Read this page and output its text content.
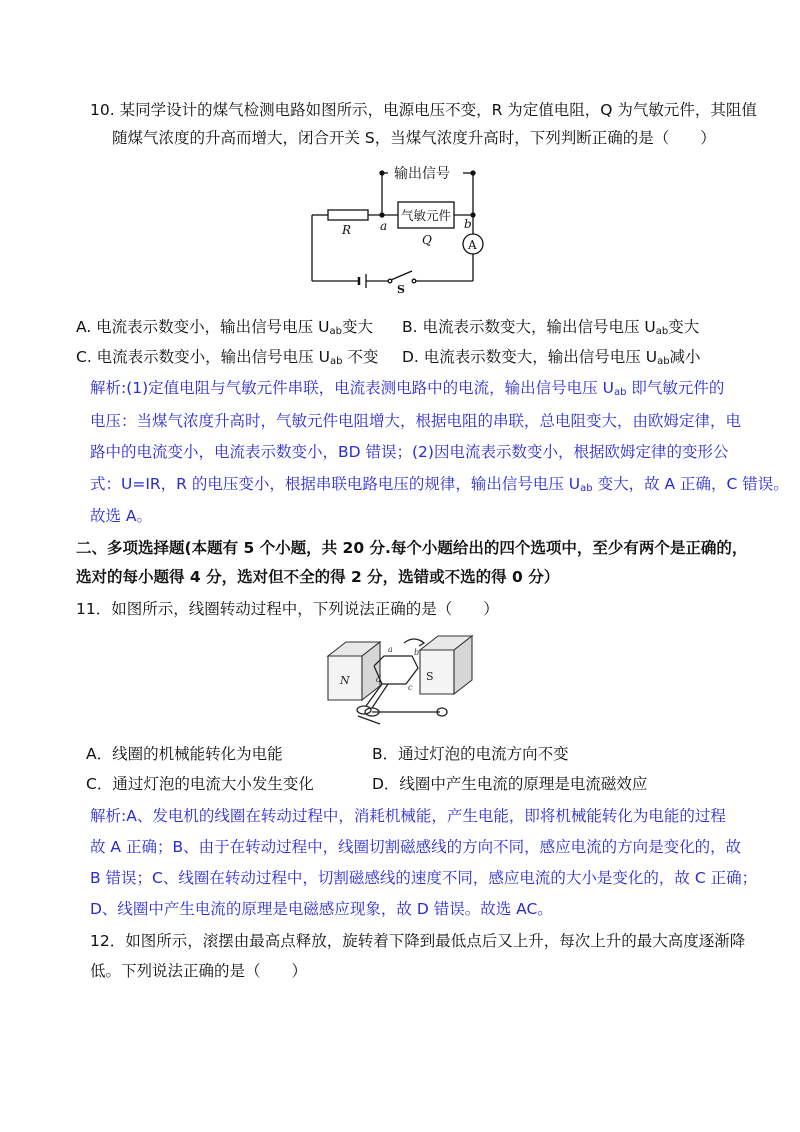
10. 某同学设计的煤气检测电路如图所示，电源电压不变，R 为定值电阻，Q 为气敏元件，其阻值
随煤气浓度的升高而增大，闭合开关 S，当煤气浓度升高时，下列判断正确的是（　　）
输出信号
气敏元件
R a	b
Q	A
S
A. 电流表示数变小，输出信号电压 $U_{ab}$变大 B. 电流表示数变大，输出信号电压 $U_{ab}$变大
C. 电流表示数变小，输出信号电压 $U_{ab}$ 不变 D. 电流表示数变大，输出信号电压 $U_{ab}$减小
解析:(1)定值电阻与气敏元件串联，电流表测电路中的电流，输出信号电压 $U_{ab}$ 即气敏元件的
电压：当煤气浓度升高时，气敏元件电阻增大，根据电阻的串联，总电阻变大，由欧姆定律，电
路中的电流变小，电流表示数变小，BD 错误；(2)因电流表示数变小，根据欧姆定律的变形公
式：U=IR，R 的电压变小，根据串联电路电压的规律，输出信号电压 $U_{ab}$ 变大，故 A 正确，C 错误。
故选 A。
二、多项选择题(本题有 5 个小题，共 20 分.每个小题给出的四个选项中，至少有两个是正确的，
选对的每小题得 4 分，选对但不全的得 2 分，选错或不选的得 0 分）
11．如图所示，线圈转动过程中，下列说法正确的是（　　）
S
N
a	b
c
d
A．线圈的机械能转化为电能	B．通过灯泡的电流方向不变
C．通过灯泡的电流大小发生变化	D．线圈中产生电流的原理是电流磁效应
解析:A、发电机的线圈在转动过程中，消耗机械能，产生电能，即将机械能转化为电能的过程
故 A 正确；B、由于在转动过程中，线圈切割磁感线的方向不同，感应电流的方向是变化的，故
B 错误；C、线圈在转动过程中，切割磁感线的速度不同，感应电流的大小是变化的，故 C 正确；
D、线圈中产生电流的原理是电磁感应现象，故 D 错误。故选 AC。
12．如图所示，滚摆由最高点释放，旋转着下降到最低点后又上升，每次上升的最大高度逐渐降
低。下列说法正确的是（　　）
